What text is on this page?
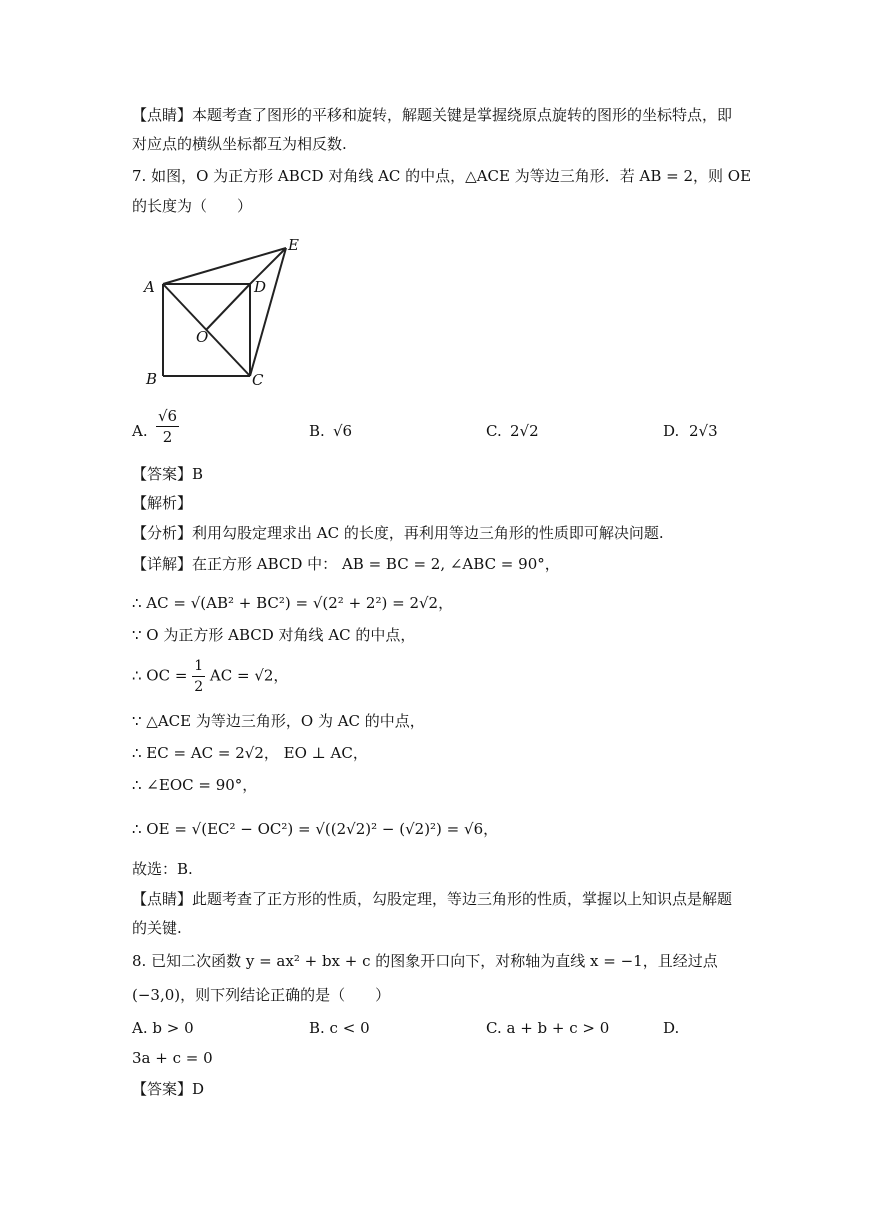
【点睛】本题考查了图形的平移和旋转，解题关键是掌握绕原点旋转的图形的坐标特点，即
对应点的横纵坐标都互为相反数.
7. 如图，O 为正方形 ABCD 对角线 AC 的中点，△ACE 为等边三角形．若 AB = 2，则 OE
的长度为（　　）
A
B	C
D
E
O
A. $\frac{√6}{2}$	B. √6	C. 2√2	D. 2√3
【答案】B
【解析】
【分析】利用勾股定理求出 AC 的长度，再利用等边三角形的性质即可解决问题.
【详解】在正方形 ABCD 中： AB = BC = 2, ∠ABC = 90°，
∴ AC = √(AB² + BC²) = √(2² + 2²) = 2√2，
∵ O 为正方形 ABCD 对角线 AC 的中点，
∴ OC = $\frac{1}{2}$ AC = √2，
∵ △ACE 为等边三角形，O 为 AC 的中点，
∴ EC = AC = 2√2， EO ⊥ AC，
∴ ∠EOC = 90°，
∴ OE = √(EC² − OC²) = √((2√2)² − (√2)²) = √6，
故选：B.
【点睛】此题考查了正方形的性质，勾股定理，等边三角形的性质，掌握以上知识点是解题
的关键.
8. 已知二次函数 y = ax² + bx + c 的图象开口向下，对称轴为直线 x = −1，且经过点
(−3,0)，则下列结论正确的是（　　）
A. b > 0	B. c < 0	C. a + b + c > 0	D.
3a + c = 0
【答案】D
